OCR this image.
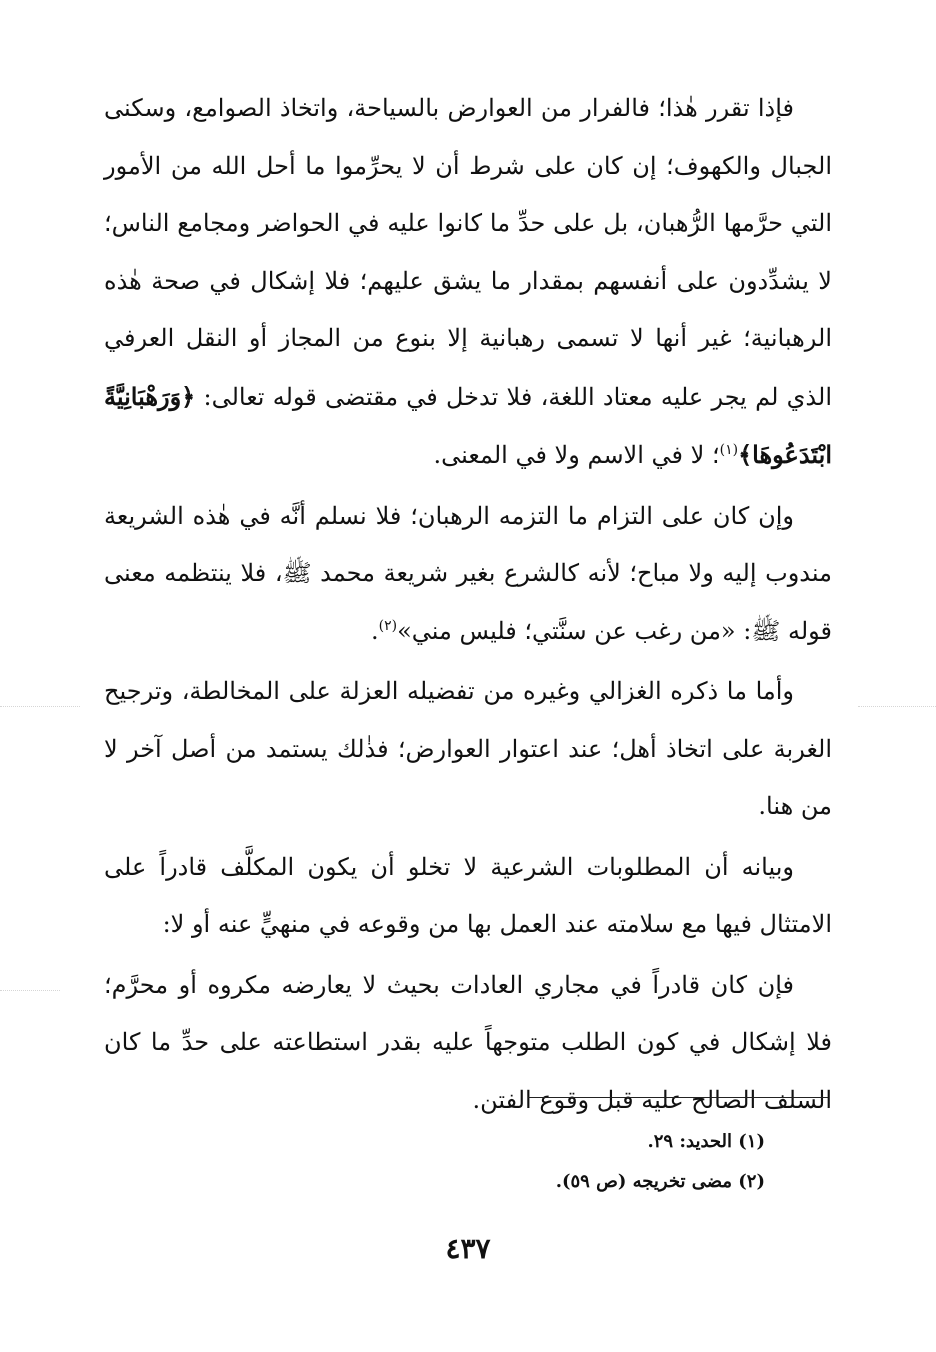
فإذا تقرر هٰذا؛ فالفرار من العوارض بالسياحة، واتخاذ الصوامع، وسكنى الجبال والكهوف؛ إن كان على شرط أن لا يحرِّموا ما أحل الله من الأمور التي حرَّمها الرُّهبان، بل على حدِّ ما كانوا عليه في الحواضر ومجامع الناس؛ لا يشدِّدون على أنفسهم بمقدار ما يشق عليهم؛ فلا إشكال في صحة هٰذه الرهبانية؛ غير أنها لا تسمى رهبانية إلا بنوع من المجاز أو النقل العرفي الذي لم يجر عليه معتاد اللغة، فلا تدخل في مقتضى قوله تعالى: ﴿وَرَهْبَانِيَّةً ابْتَدَعُوهَا﴾$^{(١)}$؛ لا في الاسم ولا في المعنى.

وإن كان على التزام ما التزمه الرهبان؛ فلا نسلم أنَّه في هٰذه الشريعة مندوب إليه ولا مباح؛ لأنه كالشرع بغير شريعة محمد ﷺ، فلا ينتظمه معنى قوله ﷺ: «من رغب عن سنَّتي؛ فليس مني»$^{(٢)}$.

وأما ما ذكره الغزالي وغيره من تفضيله العزلة على المخالطة، وترجيح الغربة على اتخاذ أهل؛ عند اعتوار العوارض؛ فذٰلك يستمد من أصل آخر لا من هنا.

وبيانه أن المطلوبات الشرعية لا تخلو أن يكون المكلَّف قادراً على الامتثال فيها مع سلامته عند العمل بها من وقوعه في منهيٍّ عنه أو لا:

فإن كان قادراً في مجاري العادات بحيث لا يعارضه مكروه أو محرَّم؛ فلا إشكال في كون الطلب متوجهاً عليه بقدر استطاعته على حدِّ ما كان السلف الصالح عليه قبل وقوع الفتن.

(١) الحديد: ٢٩.

(٢) مضى تخريجه (ص ٥٩).

٤٣٧
